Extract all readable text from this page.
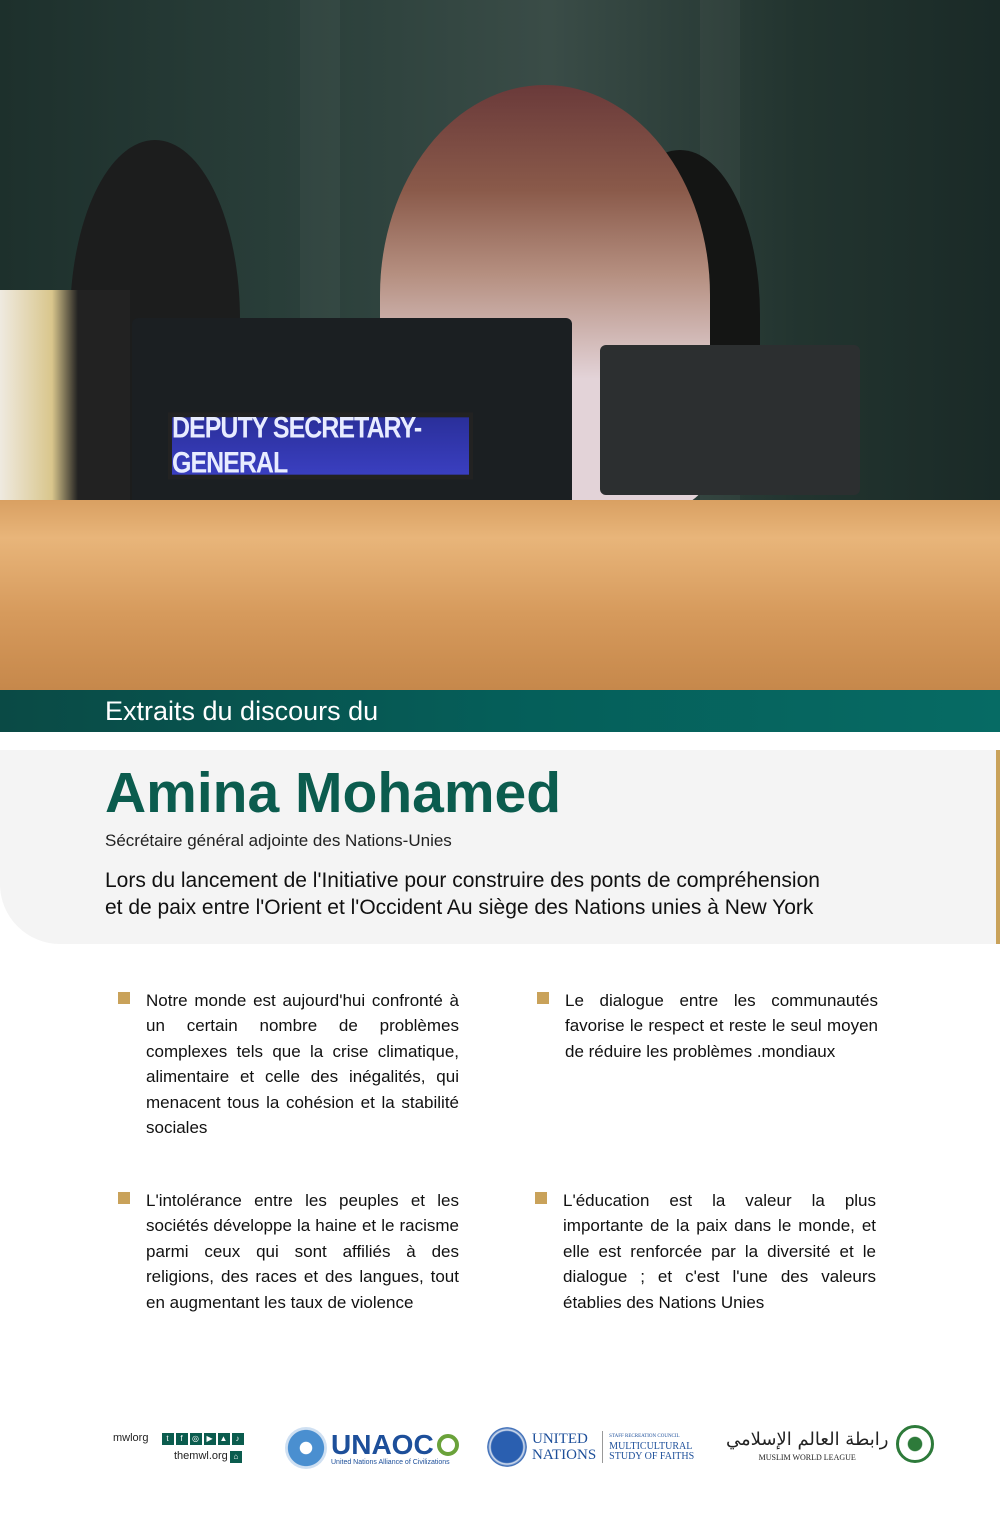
DEPUTY SECRETARY-GENERAL
Extraits du discours du
Amina Mohamed
Sécrétaire général adjointe des Nations-Unies
Lors du lancement de l'Initiative pour construire des ponts de compréhension
et de paix entre l'Orient et l'Occident Au siège des Nations unies à New York
Notre monde est aujourd'hui confronté à un certain nombre de problèmes complexes tels que la crise climatique, alimentaire et celle des inégalités, qui menacent tous la cohésion et la stabilité sociales
Le dialogue entre les communautés favorise le respect et reste le seul moyen de réduire les problèmes .mondiaux
L'intolérance entre les peuples et les sociétés développe la haine et le racisme parmi ceux qui sont affiliés à des religions, des races et des langues, tout en augmentant les taux de violence
L'éducation est la valeur la plus importante de la paix dans le monde, et elle est renforcée par la diversité et le dialogue ; et c'est l'une des valeurs établies des Nations Unies
mwlorg t f ◎ ▶ ▲ ♪
themwl.org ⌂	UNAOC
United Nations Alliance of Civilizations
UNITED
NATIONS
STAFF RECREATION COUNCIL
MULTICULTURAL
STUDY OF FAITHS
رابطة العالم الإسلامي
MUSLIM WORLD LEAGUE
